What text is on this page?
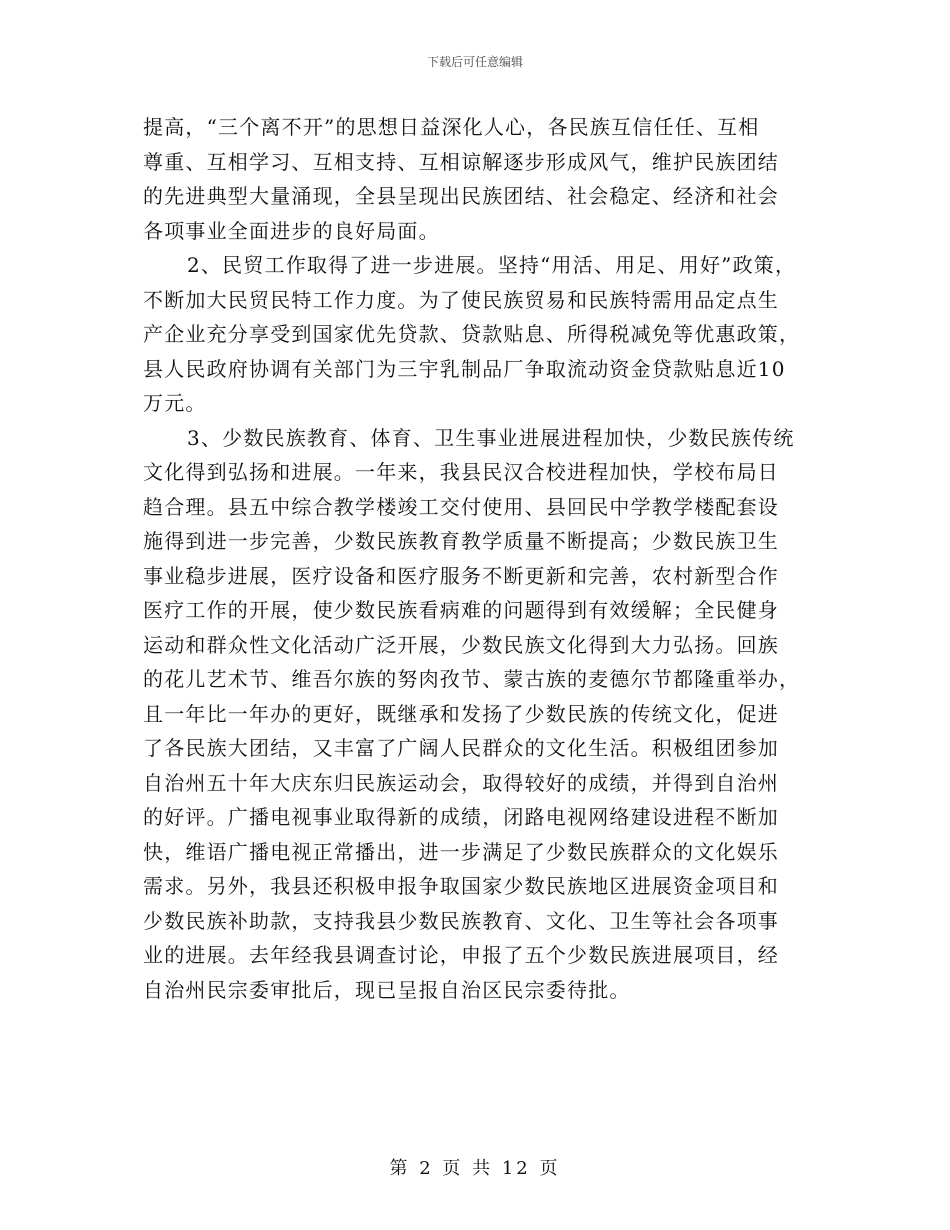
下载后可任意编辑
提高，“三个离不开”的思想日益深化人心，各民族互信任任、互相
尊重、互相学习、互相支持、互相谅解逐步形成风气，维护民族团结
的先进典型大量涌现，全县呈现出民族团结、社会稳定、经济和社会
各项事业全面进步的良好局面。
2、民贸工作取得了进一步进展。坚持“用活、用足、用好”政策，
不断加大民贸民特工作力度。为了使民族贸易和民族特需用品定点生
产企业充分享受到国家优先贷款、贷款贴息、所得税减免等优惠政策，
县人民政府协调有关部门为三宇乳制品厂争取流动资金贷款贴息近10
万元。
3、少数民族教育、体育、卫生事业进展进程加快，少数民族传统
文化得到弘扬和进展。一年来，我县民汉合校进程加快，学校布局日
趋合理。县五中综合教学楼竣工交付使用、县回民中学教学楼配套设
施得到进一步完善，少数民族教育教学质量不断提高；少数民族卫生
事业稳步进展，医疗设备和医疗服务不断更新和完善，农村新型合作
医疗工作的开展，使少数民族看病难的问题得到有效缓解；全民健身
运动和群众性文化活动广泛开展，少数民族文化得到大力弘扬。回族
的花儿艺术节、维吾尔族的努肉孜节、蒙古族的麦德尔节都隆重举办，
且一年比一年办的更好，既继承和发扬了少数民族的传统文化，促进
了各民族大团结，又丰富了广阔人民群众的文化生活。积极组团参加
自治州五十年大庆东归民族运动会，取得较好的成绩，并得到自治州
的好评。广播电视事业取得新的成绩，闭路电视网络建设进程不断加
快，维语广播电视正常播出，进一步满足了少数民族群众的文化娱乐
需求。另外，我县还积极申报争取国家少数民族地区进展资金项目和
少数民族补助款，支持我县少数民族教育、文化、卫生等社会各项事
业的进展。去年经我县调查讨论，申报了五个少数民族进展项目，经
自治州民宗委审批后，现已呈报自治区民宗委待批。
第 2 页 共 12 页
